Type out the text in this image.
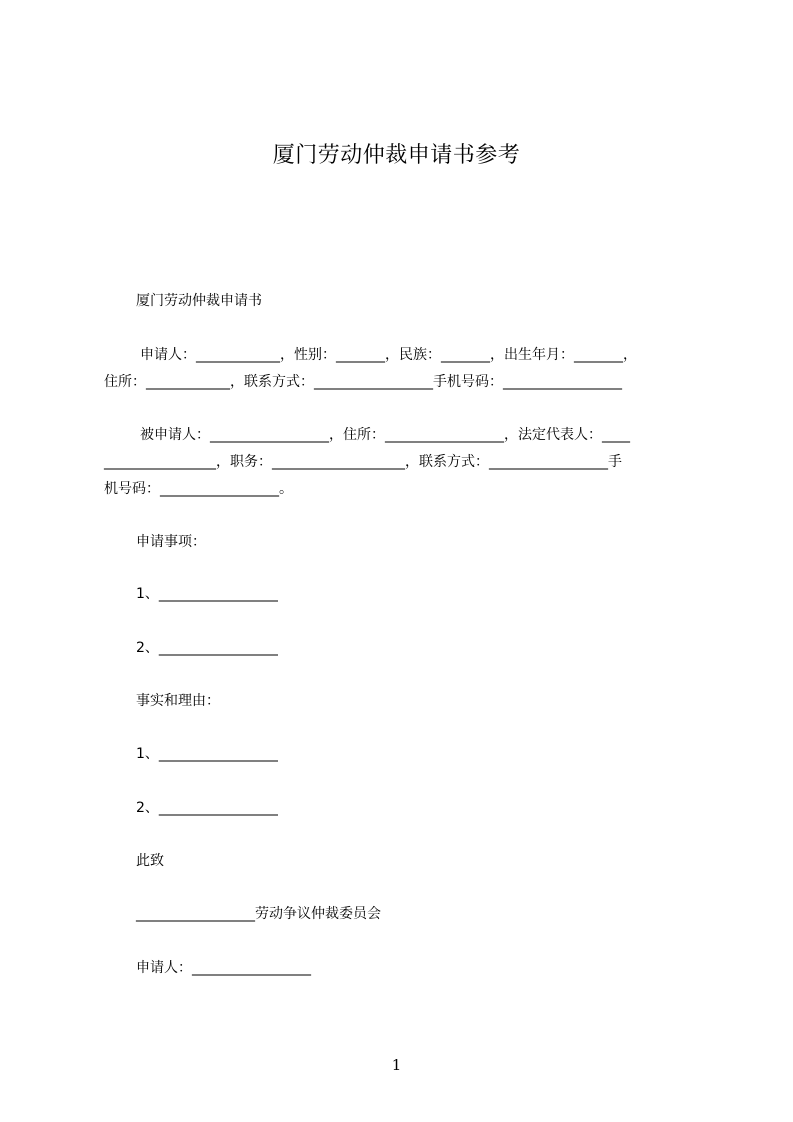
厦门劳动仲裁申请书参考
厦门劳动仲裁申请书
申请人：____________，性别：_______，民族：_______，出生年月：_______，
住所：____________，联系方式：_________________手机号码：_________________
被申请人：_________________，住所：_________________，法定代表人：____
________________，职务：___________________，联系方式：_________________手
机号码：_________________。
申请事项：
1、_________________
2、_________________
事实和理由：
1、_________________
2、_________________
此致
_________________劳动争议仲裁委员会
申请人：_________________
1
